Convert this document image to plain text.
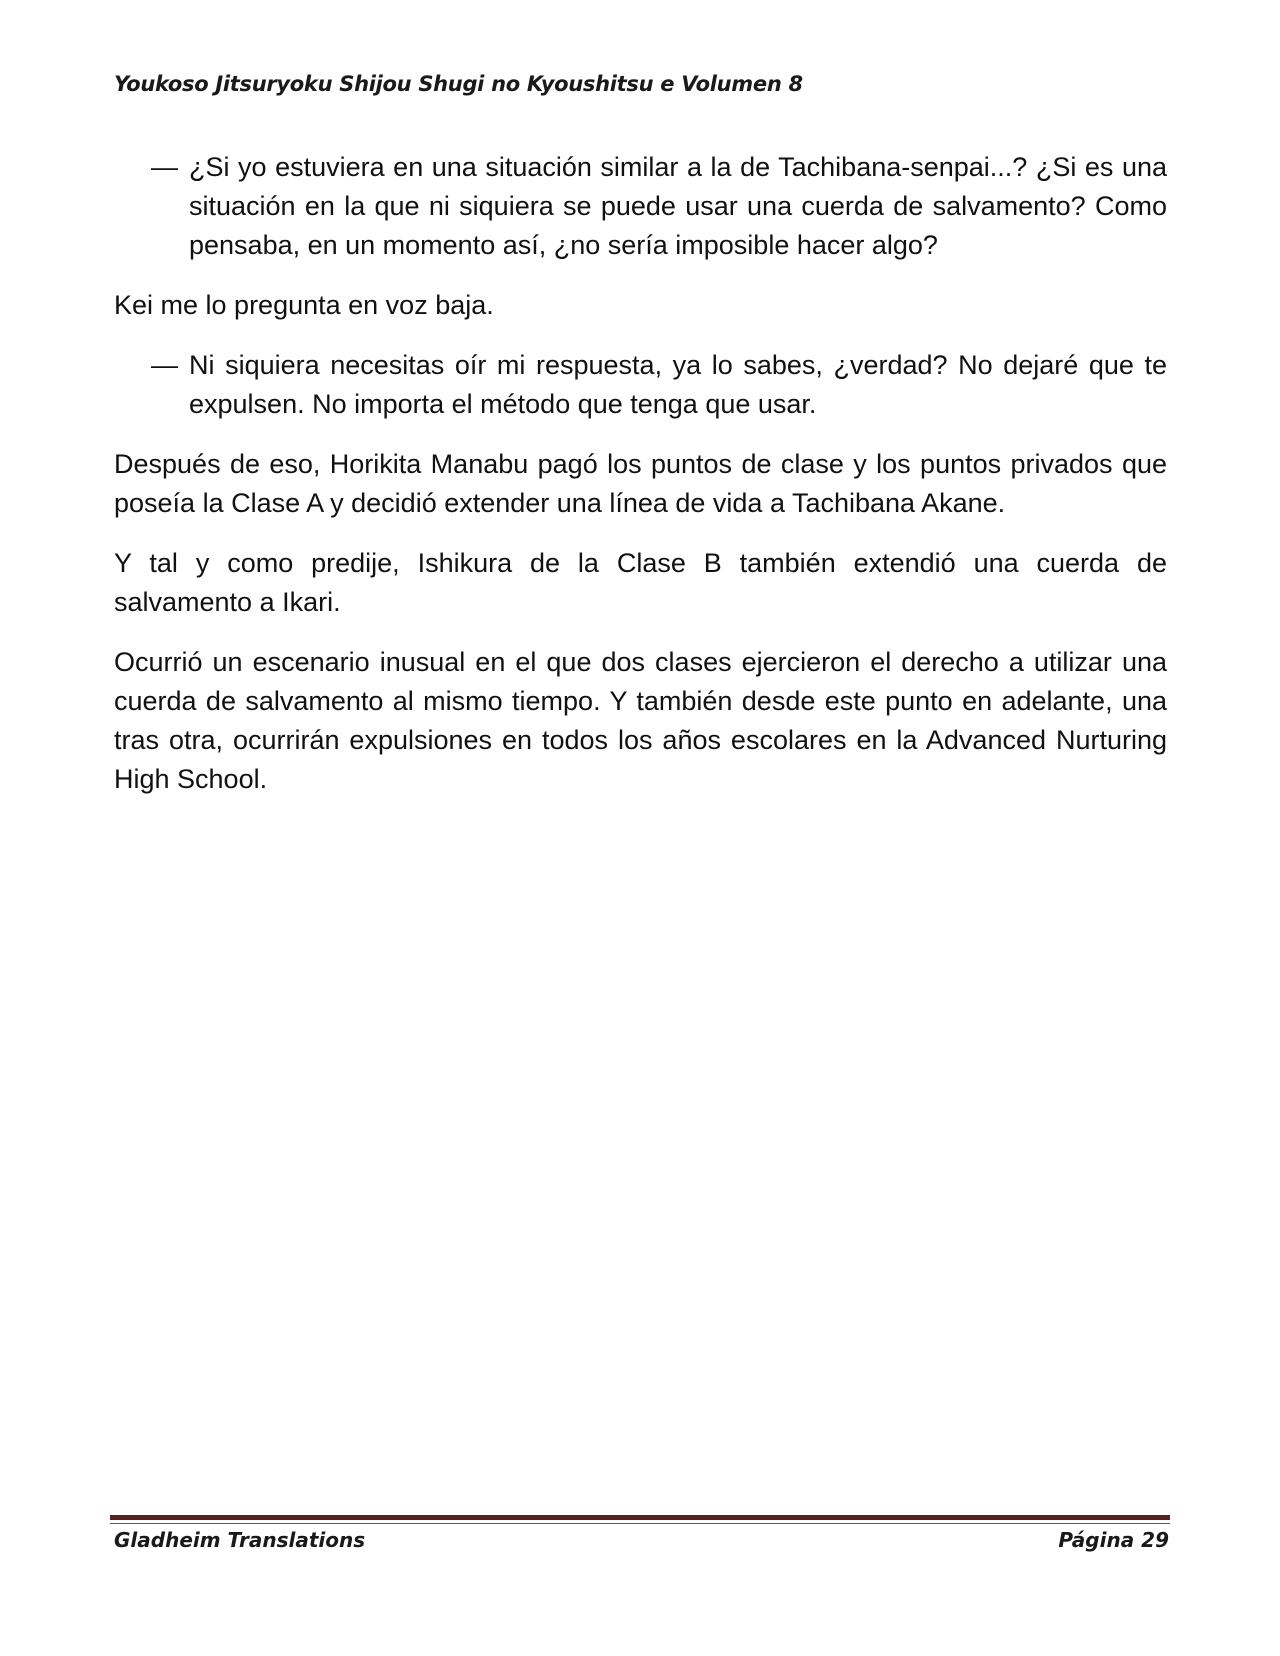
Youkoso Jitsuryoku Shijou Shugi no Kyoushitsu e Volumen 8
— ¿Si yo estuviera en una situación similar a la de Tachibana-senpai...? ¿Si es una situación en la que ni siquiera se puede usar una cuerda de salvamento? Como pensaba, en un momento así, ¿no sería imposible hacer algo?

Kei me lo pregunta en voz baja.

— Ni siquiera necesitas oír mi respuesta, ya lo sabes, ¿verdad? No dejaré que te expulsen. No importa el método que tenga que usar.

Después de eso, Horikita Manabu pagó los puntos de clase y los puntos privados que poseía la Clase A y decidió extender una línea de vida a Tachibana Akane.

Y tal y como predije, Ishikura de la Clase B también extendió una cuerda de salvamento a Ikari.

Ocurrió un escenario inusual en el que dos clases ejercieron el derecho a utilizar una cuerda de salvamento al mismo tiempo. Y también desde este punto en adelante, una tras otra, ocurrirán expulsiones en todos los años escolares en la Advanced Nurturing High School.

Gladheim Translations	Página 29
